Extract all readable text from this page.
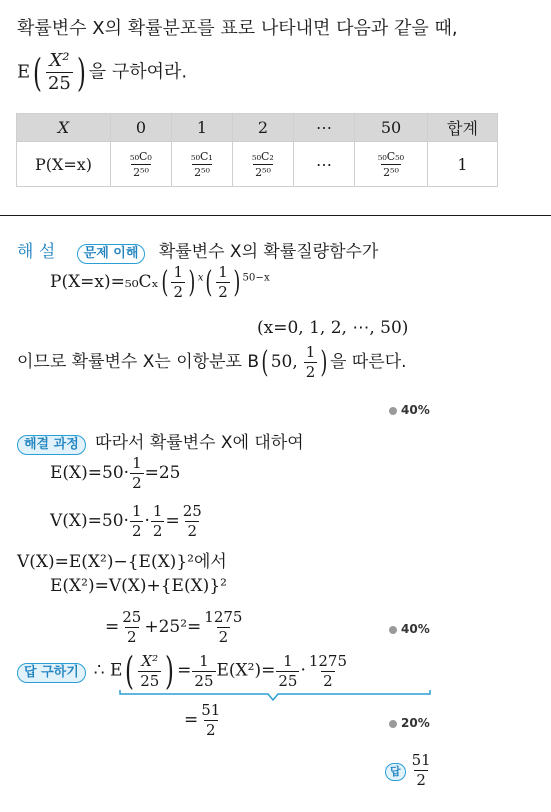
확률변수 X의 확률분포를 표로 나타내면 다음과 같을 때,
$E( \frac{\text{X²}}{25}$ ) 을 구하여라.
X	0	1	2	⋯	50	합계
P(X=x)	$\frac{\text{₅₀C₀}}{\text{2⁵⁰}}$	$\frac{\text{₅₀C₁}}{\text{2⁵⁰}}$	$\frac{\text{₅₀C₂}}{\text{2⁵⁰}}$	⋯	$\frac{\text{₅₀C₅₀}}{\text{2⁵⁰}}$	1
해 설 문제 이해 확률변수 X의 확률질량함수가
$P(X=x)=_{50}C_x( \frac{1}{2}$ ) $^x( \frac{1}{2}$ ) $^{50-x}$
(x=0, 1, 2, ⋯, 50)
이므로 확률변수 X는 이항분포 B( 50, $\frac{1}{2}$ ) 을 따른다.
40%
해결 과정 따라서 확률변수 X에 대하여
$E(X)=50\cdot \frac{1}{2} =25$
$V(X)=50\cdot \frac{1}{2} \cdot \frac{1}{2} = \frac{25}{2}$
V(X)=E(X²)−{E(X)}²에서
E(X²)=V(X)+{E(X)}²
= $\frac{25}{2} +25^2= \frac{1275}{2}$	40%
답 구하기 ∴ $E( \frac{\text{X²}}{25}$ ) = $\frac{1}{25} E(X^2)= \frac{1}{25} \cdot \frac{1275}{2}$
= $\frac{51}{2}$	20%
답 $\frac{51}{2}$
